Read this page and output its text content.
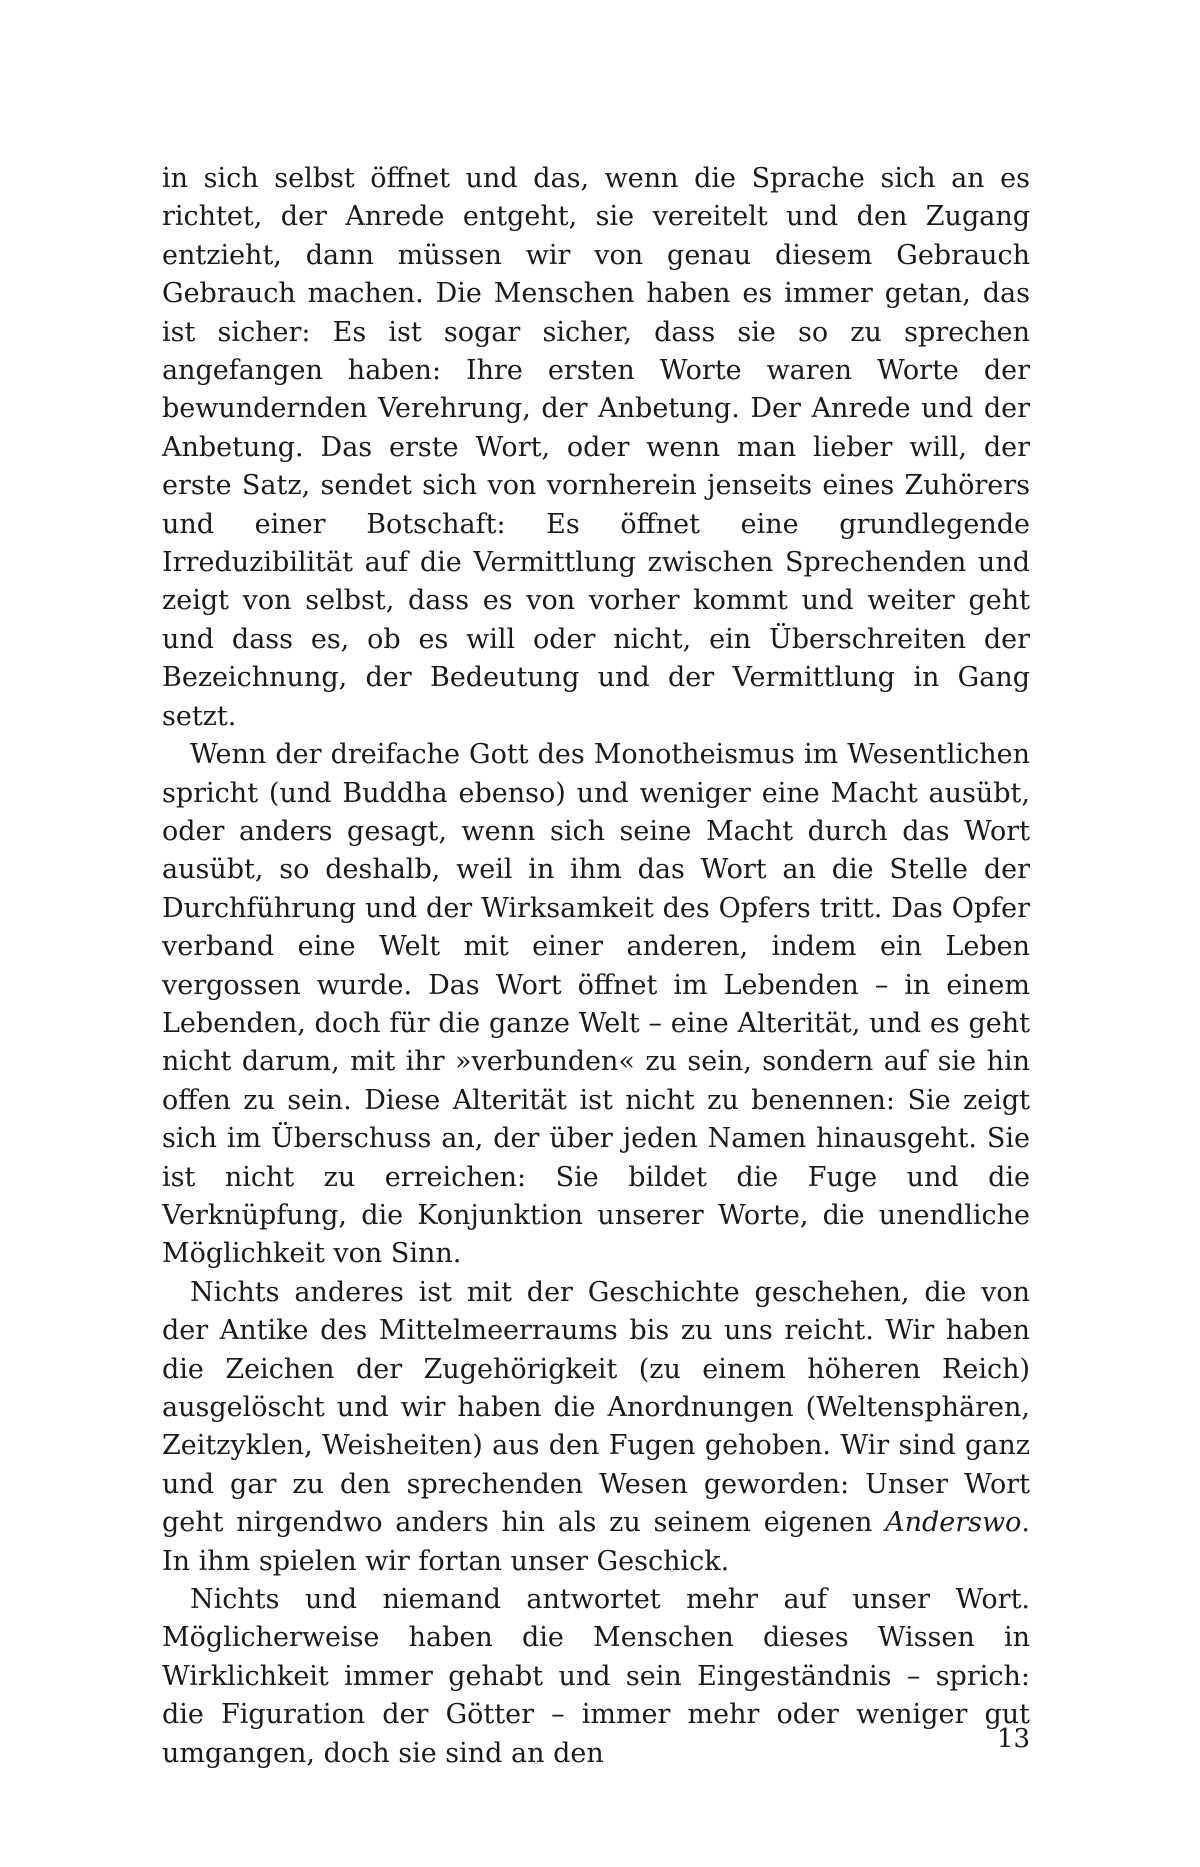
in sich selbst öffnet und das, wenn die Sprache sich an es richtet, der Anrede entgeht, sie vereitelt und den Zugang entzieht, dann müssen wir von genau diesem Gebrauch Gebrauch machen. Die Menschen haben es immer getan, das ist sicher: Es ist sogar sicher, dass sie so zu sprechen angefangen haben: Ihre ersten Worte waren Worte der bewundernden Verehrung, der Anbetung. Der Anrede und der Anbetung. Das erste Wort, oder wenn man lieber will, der erste Satz, sendet sich von vornherein jenseits eines Zuhörers und einer Botschaft: Es öffnet eine grundlegende Irreduzibilität auf die Vermittlung zwischen Sprechenden und zeigt von selbst, dass es von vorher kommt und weiter geht und dass es, ob es will oder nicht, ein Überschreiten der Bezeichnung, der Bedeutung und der Vermittlung in Gang setzt.

Wenn der dreifache Gott des Monotheismus im Wesentlichen spricht (und Buddha ebenso) und weniger eine Macht ausübt, oder anders gesagt, wenn sich seine Macht durch das Wort ausübt, so deshalb, weil in ihm das Wort an die Stelle der Durchführung und der Wirksamkeit des Opfers tritt. Das Opfer verband eine Welt mit einer anderen, indem ein Leben vergossen wurde. Das Wort öffnet im Lebenden – in einem Lebenden, doch für die ganze Welt – eine Alterität, und es geht nicht darum, mit ihr »verbunden« zu sein, sondern auf sie hin offen zu sein. Diese Alterität ist nicht zu benennen: Sie zeigt sich im Überschuss an, der über jeden Namen hinausgeht. Sie ist nicht zu erreichen: Sie bildet die Fuge und die Verknüpfung, die Konjunktion unserer Worte, die unendliche Möglichkeit von Sinn.

Nichts anderes ist mit der Geschichte geschehen, die von der Antike des Mittelmeerraums bis zu uns reicht. Wir haben die Zeichen der Zugehörigkeit (zu einem höheren Reich) ausgelöscht und wir haben die Anordnungen (Weltensphären, Zeitzyklen, Weisheiten) aus den Fugen gehoben. Wir sind ganz und gar zu den sprechenden Wesen geworden: Unser Wort geht nirgendwo anders hin als zu seinem eigenen Anderswo. In ihm spielen wir fortan unser Geschick.

Nichts und niemand antwortet mehr auf unser Wort. Möglicherweise haben die Menschen dieses Wissen in Wirklichkeit immer gehabt und sein Eingeständnis – sprich: die Figuration der Götter – immer mehr oder weniger gut umgangen, doch sie sind an den	13
